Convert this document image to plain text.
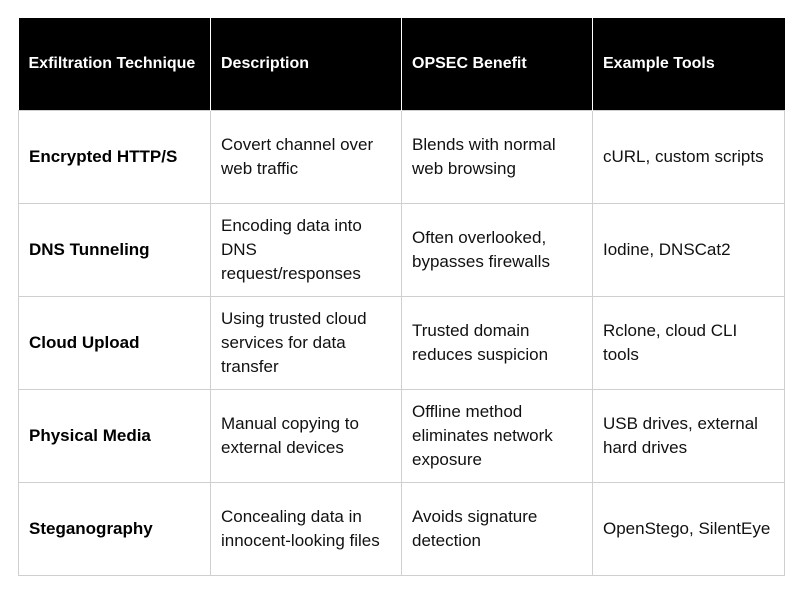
Exfiltration Technique	Description	OPSEC Benefit	Example Tools
Encrypted HTTP/S	Covert channel over web traffic	Blends with normal web browsing	cURL, custom scripts
DNS Tunneling	Encoding data into DNS request/responses	Often overlooked, bypasses firewalls	Iodine, DNSCat2
Cloud Upload	Using trusted cloud services for data transfer	Trusted domain reduces suspicion	Rclone, cloud CLI tools
Physical Media	Manual copying to external devices	Offline method eliminates network exposure	USB drives, external hard drives
Steganography	Concealing data in innocent-looking files	Avoids signature detection	OpenStego, SilentEye
